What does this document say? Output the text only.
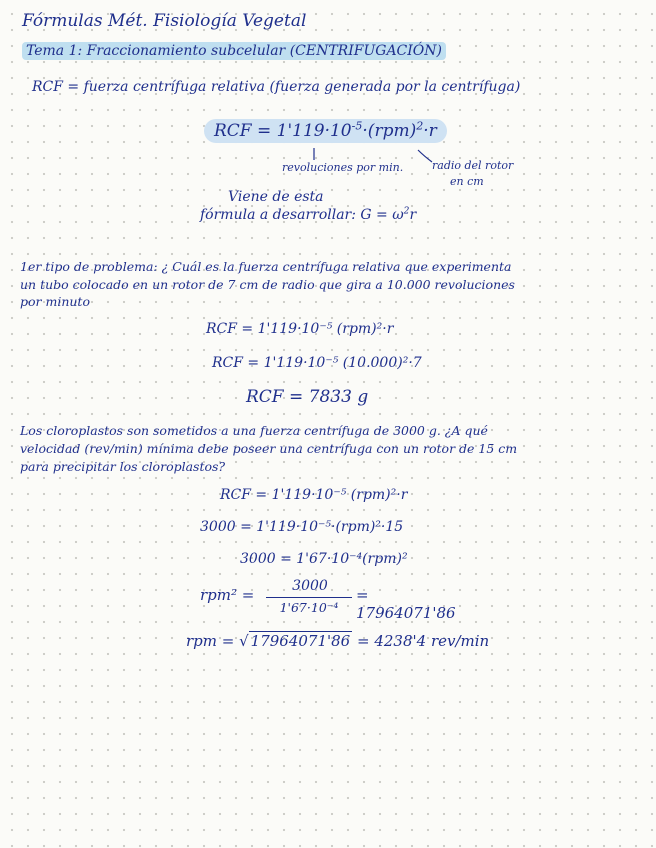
Fórmulas Mét. Fisiología Vegetal
Tema 1: Fraccionamiento subcelular (CENTRIFUGACIÓN)
RCF = fuerza centrífuga relativa (fuerza generada por la centrífuga)
RCF = $1'119\cdot 10^{-5}\cdot(rpm)^2\cdot r$
revoluciones por min.	radio del rotor
en cm
Viene de esta
fórmula a desarrollar: $G = \omega^2r$
1er tipo de problema: ¿ Cuál es la fuerza centrífuga relativa que experimenta
un tubo colocado en un rotor de 7 cm de radio que gira a 10.000 revoluciones
por minuto
RCF = 1'119·10⁻⁵ (rpm)²·r
RCF = 1'119·10⁻⁵ (10.000)²·7
RCF = 7833 g
Los cloroplastos son sometidos a una fuerza centrífuga de 3000 g. ¿A qué
velocidad (rev/min) mínima debe poseer una centrífuga con un rotor de 15 cm
para precipitar los cloroplastos?
RCF = 1'119·10⁻⁵ (rpm)²·r
3000 = 1'119·10⁻⁵·(rpm)²·15
3000 = 1'67·10⁻⁴(rpm)²
rpm² =	3000
1'67·10⁻⁴
= 17964071'86
rpm = √ 17964071'86 = 4238'4 rev/min
